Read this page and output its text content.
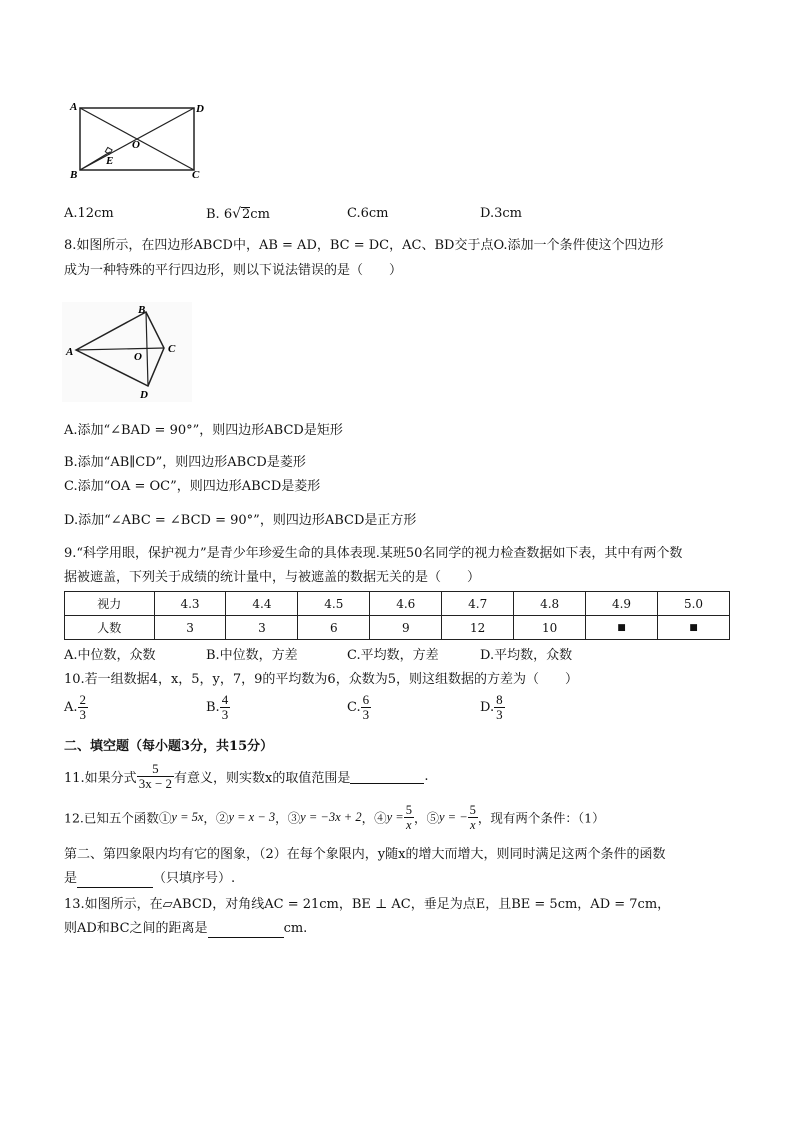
A	D
B	C
E
O
A.12cm	B. 6√2cm	C.6cm	D.3cm
8.如图所示，在四边形ABCD中，AB = AD，BC = DC，AC、BD交于点O.添加一个条件使这个四边形
成为一种特殊的平行四边形，则以下说法错误的是（　　）
A
B
C
D
O
A.添加“∠BAD = 90°”，则四边形ABCD是矩形
B.添加“AB∥CD”，则四边形ABCD是菱形
C.添加“OA = OC”，则四边形ABCD是菱形
D.添加“∠ABC = ∠BCD = 90°”，则四边形ABCD是正方形
9.“科学用眼，保护视力”是青少年珍爱生命的具体表现.某班50名同学的视力检查数据如下表，其中有两个数
据被遮盖，下列关于成绩的统计量中，与被遮盖的数据无关的是（　　）
视力	4.3	4.4	4.5	4.6	4.7	4.8	4.9	5.0
人数	3	3	6	9	12	10	■	■
A.中位数，众数	B.中位数，方差	C.平均数，方差	D.平均数，众数
10.若一组数据4，x，5，y，7，9的平均数为6，众数为5，则这组数据的方差为（　　）
A. $\frac{2}{3}$	B. $\frac{4}{3}$	C. $\frac{6}{3}$	D. $\frac{8}{3}$
二、填空题（每小题3分，共15分）
11.如果分式 $\frac{5}{3x - 2}$ 有意义，则实数x的取值范围是	.
12.已知五个函数①y = 5x，②y = x − 3，③y = −3x + 2，④y = $\frac{5}{x}$ ，⑤y = − $\frac{5}{x}$ ，现有两个条件：（1）
第二、第四象限内均有它的图象，（2）在每个象限内，y随x的增大而增大，则同时满足这两个条件的函数
是	（只填序号）.
13.如图所示，在▱ABCD，对角线AC = 21cm，BE ⊥ AC，垂足为点E，且BE = 5cm，AD = 7cm，
则AD和BC之间的距离是	cm.
